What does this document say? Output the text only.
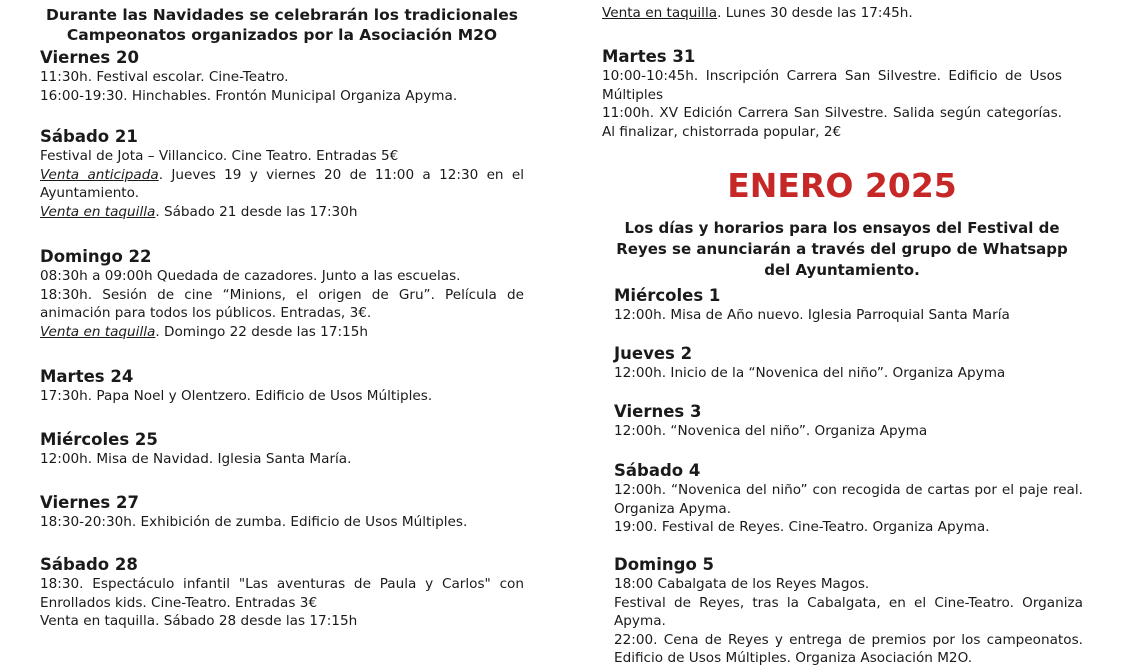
Durante las Navidades se celebrarán los tradicionales
Campeonatos organizados por la Asociación M2O
Viernes 20
11:30h. Festival escolar. Cine-Teatro.
16:00-19:30. Hinchables. Frontón Municipal Organiza Apyma.
Sábado 21
Festival de Jota – Villancico. Cine Teatro. Entradas 5€
Venta anticipada. Jueves 19 y viernes 20 de 11:00 a 12:30 en el Ayuntamiento.
Venta en taquilla. Sábado 21 desde las 17:30h
Domingo 22
08:30h a 09:00h Quedada de cazadores. Junto a las escuelas.
18:30h. Sesión de cine “Minions, el origen de Gru”. Película de animación para todos los públicos. Entradas, 3€.
Venta en taquilla. Domingo 22 desde las 17:15h
Martes 24
17:30h. Papa Noel y Olentzero. Edificio de Usos Múltiples.
Miércoles 25
12:00h. Misa de Navidad. Iglesia Santa María.
Viernes 27
18:30-20:30h. Exhibición de zumba. Edificio de Usos Múltiples.
Sábado 28
18:30. Espectáculo infantil "Las aventuras de Paula y Carlos" con Enrollados kids. Cine-Teatro. Entradas 3€
Venta en taquilla. Sábado 28 desde las 17:15h
Venta en taquilla. Lunes 30 desde las 17:45h.
Martes 31
10:00-10:45h. Inscripción Carrera San Silvestre. Edificio de Usos Múltiples
11:00h. XV Edición Carrera San Silvestre. Salida según categorías. Al finalizar, chistorrada popular, 2€
ENERO 2025
Los días y horarios para los ensayos del Festival de Reyes se anunciarán a través del grupo de Whatsapp del Ayuntamiento.
Miércoles 1
12:00h. Misa de Año nuevo. Iglesia Parroquial Santa María
Jueves 2
12:00h. Inicio de la “Novenica del niño”. Organiza Apyma
Viernes 3
12:00h. “Novenica del niño”. Organiza Apyma
Sábado 4
12:00h. “Novenica del niño” con recogida de cartas por el paje real. Organiza Apyma.
19:00. Festival de Reyes. Cine-Teatro. Organiza Apyma.
Domingo 5
18:00 Cabalgata de los Reyes Magos.
Festival de Reyes, tras la Cabalgata, en el Cine-Teatro. Organiza Apyma.
22:00. Cena de Reyes y entrega de premios por los campeonatos. Edificio de Usos Múltiples. Organiza Asociación M2O.
